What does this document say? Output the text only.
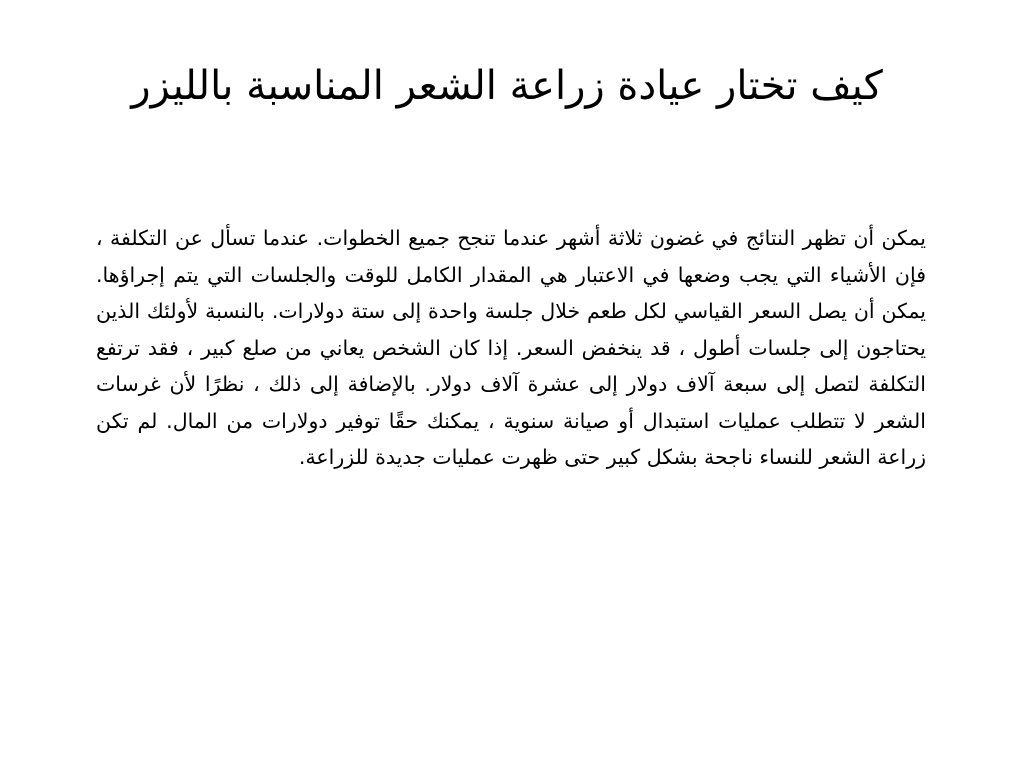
كيف تختار عيادة زراعة الشعر المناسبة بالليزر

يمكن أن تظهر النتائج في غضون ثلاثة أشهر عندما تنجح جميع الخطوات. عندما تسأل عن التكلفة ، فإن الأشياء التي يجب وضعها في الاعتبار هي المقدار الكامل للوقت والجلسات التي يتم إجراؤها. يمكن أن يصل السعر القياسي لكل طعم خلال جلسة واحدة إلى ستة دولارات. بالنسبة لأولئك الذين يحتاجون إلى جلسات أطول ، قد ينخفض السعر. إذا كان الشخص يعاني من صلع كبير ، فقد ترتفع التكلفة لتصل إلى سبعة آلاف دولار إلى عشرة آلاف دولار. بالإضافة إلى ذلك ، نظرًا لأن غرسات الشعر لا تتطلب عمليات استبدال أو صيانة سنوية ، يمكنك حقًا توفير دولارات من المال. لم تكن زراعة الشعر للنساء ناجحة بشكل كبير حتى ظهرت عمليات جديدة للزراعة.
